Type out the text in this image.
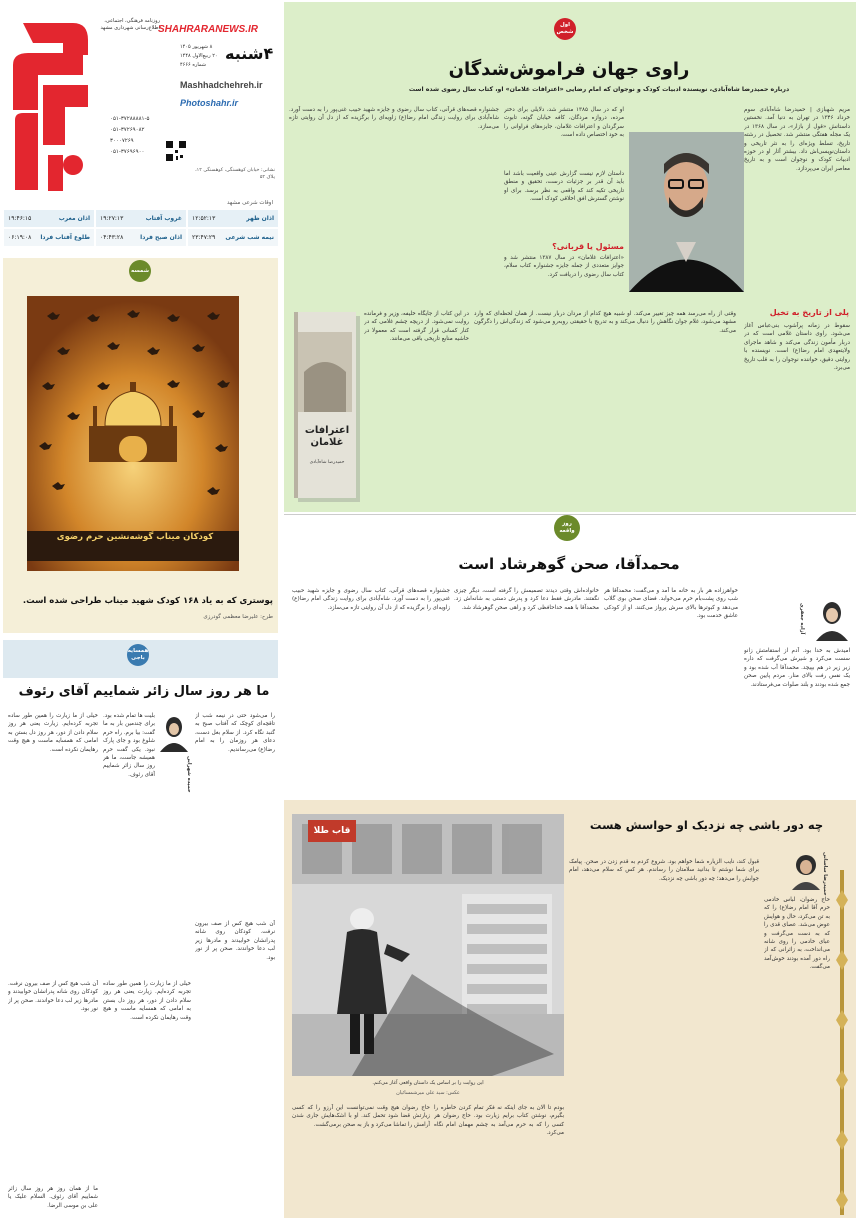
روزنامه فرهنگی، اجتماعی، اطلاع‌رسانی شهرداری مشهد
SHAHRARANEWS.IR
۴شنبه
۸ شهریور ۱۴۰۵
۲۰ ربیع‌الاول ۱۴۴۸
شماره ۴۶۶۶
Mashhadchehreh.ir
Photoshahr.ir
۰۵۱-۳۷۲۸۸۸۸۱-۵
۰۵۱-۳۷۲۶۹۰۸۲
۳۰۰۰۷۲۶۹
۰۵۱-۳۷۶۹۶۹۰۰
نشانی: خیابان کوهسنگی، کوهسنگی ۱۲، پلاک ۵۲
اوقات شرعی مشهد
اذان ظهر
۱۲:۵۲:۱۳
غروب آفتاب
۱۹:۲۷:۱۳
اذان مغرب
۱۹:۴۶:۱۵
نیمه شب شرعی
۲۳:۴۷:۲۹
اذان صبح فردا
۰۴:۴۳:۲۸
طلوع آفتاب فردا
۰۶:۱۹:۰۸
شمسه
کودکان میناب گوشه‌نشین حرم رضوی
پوستری که به یاد ۱۶۸ کودک شهید میناب طراحی شده است.
طرح: علیرضا معظمی گودرزی
همسایه باجی
ما هر روز سال زائر شماییم آقای رئوف
را می‌شود حتی در نیمه شب از تاقچه‌ای کوچک که آفتاب صبح به گنبد نگاه کرد. از سلام بغل دست، دعای هر روزمان را به امام رضا(ع) می‌رساندیم.
بلیت ها تمام شده بود. برای چندمین بار به ما گفت: بیا برم. راه حرم شلوغ بود و جای پارک نبود. یکی گفت حرم همیشه جاست، ما هر روز سال زائر شماییم آقای رئوف.	حمیده شهرابی
خیلی از ما زیارت را همین طور ساده تجربه کرده‌ایم. زیارت یعنی هر روز سلام دادن از دور، هر روز دل بستن به امامی که همسایه ماست و هیچ وقت رهایمان نکرده است.
آن شب هیچ کس از صف بیرون نرفت. کودکان روی شانه پدرانشان خوابیدند و مادرها زیر لب دعا خواندند. صحن پر از نور بود.
خیلی از ما زیارت را همین طور ساده تجربه کرده‌ایم. زیارت یعنی هر روز سلام دادن از دور، هر روز دل بستن به امامی که همسایه ماست و هیچ وقت رهایمان نکرده است.
آن شب هیچ کس از صف بیرون نرفت. کودکان روی شانه پدرانشان خوابیدند و مادرها زیر لب دعا خواندند. صحن پر از نور بود.
ما از همان روز هر روز سال زائر شماییم آقای رئوف. السلام علیک یا علی بن موسی الرضا.
اول شخص
راوی جهان فراموش‌شدگان
درباره حمیدرضا شاه‌آبادی، نویسنده ادبیات کودک و نوجوان که امام رضایی «اعترافات غلامان» او، کتاب سال رضوی شده است
مریم شهبازی | حمیدرضا شاه‌آبادی سوم خرداد ۱۳۴۶ در تهران به دنیا آمد. نخستین داستانش «قول از بازار»، در سال ۱۳۶۸ در یک مجله هفتگی منتشر شد. تحصیل در رشته تاریخ، تسلط ویژه‌ای را به نثر تاریخی و داستان‌نویسی‌اش داد. بیشتر آثار او در حوزه ادبیات کودک و نوجوان است و به تاریخ معاصر ایران می‌پردازد.
او که در سال ۱۳۸۵ منتشر شد، دلایلی برای دختر مرده، دروازه مردگان، کافه خیابان گوته، تابوت سرگردان و اعترافات غلامان، جایزه‌های فراوانی را به خود اختصاص داده است.
داستان لازم نیست گزارش عینی واقعیت باشد اما باید آن قدر بر جزئیات درست، تحقیق و منطق تاریخی تکیه کند که واقعی به نظر برسد. برای او نوشتن گسترش افق اخلاقی کودک است.
مسئول یا قربانی؟
«اعترافات غلامان» در سال ۱۳۸۷ منتشر شد و جوایز متعددی از جمله جایزه جشنواره کتاب سلام، کتاب سال رضوی را دریافت کرد.
جشنواره قصه‌های قرآنی، کتاب سال رضوی و جایزه شهید حبیب غنی‌پور را به دست آورد. شاه‌آبادی برای روایت زندگی امام رضا(ع) زاویه‌ای را برگزیده که از دل آن روایتی تازه می‌سازد.
پلی از تاریخ به تخیل
سقوط در زمانه پرآشوب بنی‌عباس آغاز می‌شود. راوی داستان غلامی است که در دربار مأمون زندگی می‌کند و شاهد ماجرای ولایتعهدی امام رضا(ع) است. نویسنده با روایتی دقیق، خواننده نوجوان را به قلب تاریخ می‌برد.
وقتی از راه می‌رسد همه چیز تغییر می‌کند. او شبیه هیچ کدام از مردان دربار نیست. از همان لحظه‌ای که وارد مشهد می‌شود، غلام جوان نگاهش را دنبال می‌کند و به تدریج با حقیقتی روبه‌رو می‌شود که زندگی‌اش را دگرگون می‌کند.
در این کتاب از جایگاه خلیفه، وزیر و فرمانده روایت نمی‌شود. از دریچه چشم غلامی که در کنار کسانی قرار گرفته است که معمولا در حاشیه منابع تاریخی باقی می‌مانند.
اعترافات غلامان
حمیدرضا شاه‌آبادی
روز واقعه
محمدآقا، صحن گوهرشاد است
آزاده جعفری
امیدش به خدا بود. آدم از استقامتش زانو سست می‌کرد و شیرش می‌گرفت که داره زیر زیر در هم بپیچد. محمدآقا آب شده بود و یک نفس رفت بالای منار. مردم پایین صحن جمع شده بودند و بلند صلوات می‌فرستادند.
خواهرزاده هر بار به خانه ما آمد و می‌گفت: محمدآقا هر شب روی پشت‌بام حرم می‌خوابد. فضای صحن بوی گلاب می‌دهد و کبوترها بالای سرش پرواز می‌کنند. او از کودکی عاشق خدمت بود.
خانواده‌اش وقتی دیدند تصمیمش را گرفته است، دیگر چیزی نگفتند. مادرش فقط دعا کرد و پدرش دستی به شانه‌اش زد. محمدآقا با همه خداحافظی کرد و راهی صحن گوهرشاد شد.
جشنواره قصه‌های قرآنی، کتاب سال رضوی و جایزه شهید حبیب غنی‌پور را به دست آورد. شاه‌آبادی برای روایت زندگی امام رضا(ع) زاویه‌ای را برگزیده که از دل آن روایتی تازه می‌سازد.
چه دور باشی چه نزدیک او حواسش هست
حمیدرضا ساسانی
حاج رضوان، لباس خادمی حرم آقا امام رضا(ع) را که به تن می‌کرد، حال و هوایش عوض می‌شد. عصای قدی را که به دست می‌گرفت و عبای خادمی را روی شانه می‌انداخت، به زائرانی که از راه دور آمده بودند خوش‌آمد می‌گفت.
قبول کند، نایب الزیاره شما خواهم بود. شروع کردم به قدم زدن در صحن. پیامک برای شما نوشتم تا بدانید سلامتان را رساندم. هر کس که سلام می‌دهد، امام جوابش را می‌دهد؛ چه دور باشی چه نزدیک.
قاب طلا
این روایت را بر اساس یک داستان واقعی آغاز می‌کنم.
عکس: سید علی میرشمسائیان
بودم تا الان به جای اینکه نه فکر تمام کردن خاطره را بگیرم، نوشتن کتاب برایم زیارت بود. حاج رضوان هر کسی را که به حرم می‌آمد به چشم مهمان امام نگاه می‌کرد.
حاج رضوان هیچ وقت نمی‌توانست این آرزو را که کسی زیارتش قضا شود تحمل کند. او با اشک‌هایش جاری شدن آرامش را تماشا می‌کرد و باز به صحن برمی‌گشت.
